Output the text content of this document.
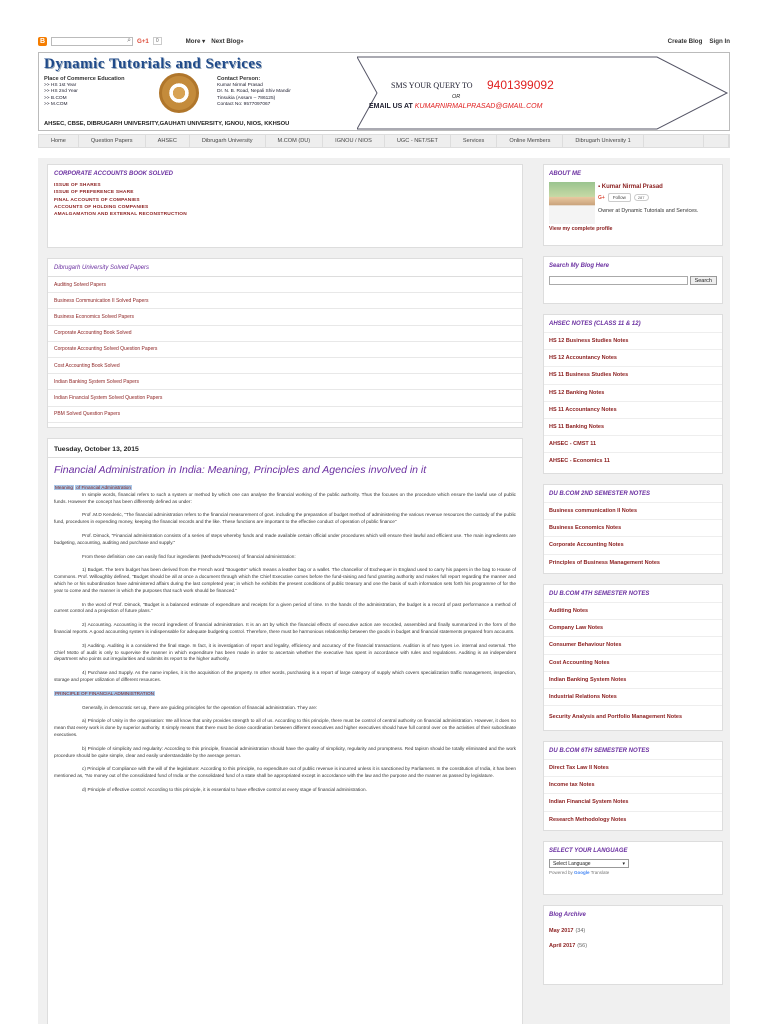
B	⌕ G+1	0	More ▾ Next Blog»	Create Blog Sign In
Dynamic Tutorials and Services
Place of Commerce Education
>> HS 1st Year
>> HS 2nd Year
>> B.COM
>> M.COM
Contact Person:
Kumar Nirmal Prasad
Dr. N. B. Road, Nepali Shiv Mandir
Tinsukia (Assam – 786125)
Contact No: 9577097067
AHSEC, CBSE, DIBRUGARH UNIVERSITY,GAUHATI UNIVERSITY, IGNOU, NIOS, KKHSOU
SMS YOUR QUERY TO 9401399092
OR
EMAIL US AT KUMARNIRMALPRASAD@GMAIL.COM
Home	Question Papers	AHSEC	Dibrugarh University	M.COM (DU)	IGNOU / NIOS	UGC - NET/SET	Services	Online Members	Dibrugarh University 1
CORPORATE ACCOUNTS BOOK SOLVED
ISSUE OF SHARES
ISSUE OF PREFERENCE SHARE
FINAL ACCOUNTS OF COMPANIES
ACCOUNTS OF HOLDING COMPANIES
AMALGAMATION AND EXTERNAL RECONSTRUCTION
Dibrugarh University Solved Papers
Auditing Solved Papers
Business Communication II Solved Papers
Business Economics Solved Papers
Corporate Accounting Book Solved
Corporate Accounting Solved Question Papers
Cost Accounting Book Solved
Indian Banking System Solved Papers
Indian Financial System Solved Question Papers
PBM Solved Question Papers
Tuesday, October 13, 2015
Financial Administration in India: Meaning, Principles and Agencies involved in it
Meaning of Financial Administration
In simple words, financial refers to such a system or method by which one can analyse the financial working of the public authority. Thus the focuses on the procedure which ensure the lawful use of public funds. However the concept has been differently defined as under:
Prof .M.D Kenderic, "The financial administration refers to the financial measurement of govt. including the preparation of budget method of administering the various revenue resources the custody of the public fund, procedures in expending money, keeping the financial records and the like. These functions are important to the effective conduct of operation of public finance"
Prof. Dimock, "Financial administration consists of a series of steps whereby funds and made available certain official under procedures which will ensure their lawful and efficient use. The main ingredients are budgeting, accounting, auditing and purchase and supply."
From these definition one can easily find four ingredients (Methods/Process) of financial administration:
1) Budget. The term budget has been derived from the French word "Bougette" which means a leather bag or a wallet. The chancellor of Exchequer in England used to carry his papers in the bag to House of Commons. Prof. Willoughby defined, "Budget should be all at once a document through which the Chief Executive comes before the fund-raising and fund granting authority and makes full report regarding the manner and which he or his subordination have administered affairs during the last completed year; in which he exhibits the present conditions of public treasury and one the basis of such information sets forth his programme of for the year to come and the manner in which the purposes that such work should be financed."
In the word of Prof. Dimock, "Budget is a balanced estimate of expenditure and receipts for a given period of time. In the hands of the administration, the budget is a record of past performance a method of current control and a projection of future plans."
2) Accounting. Accounting is the record ingredient of financial administration. It is an art by which the financial effects of executive action are recorded, assembled and finally summarized in the form of the financial reports. A good accounting system is indispensable for adequate budgeting control. Therefore, there must be harmonious relationship between the goods in budget and financial statements prepared from accounts.
3) Auditing. Auditing is a considered the final stage. In fact, it is investigation of report and legality, efficiency and accuracy of the financial transactions. Audition is of two types i.e. internal and external. The Chief Motto of audit is only to supervise the manner in which expenditure has been made in order to ascertain whether the executive has spent in accordance with rules and regulations. Auditing is an independent department who points out irregularities and submits its report to the higher authority.
4) Purchase and Supply. As the name implies, it is the acquisition of the property. In other words, purchasing is a report of large category of supply which covers specialization traffic management, inspection, storage and proper utilization of different resources.
PRINCIPLE OF FINANCIAL ADMINISTRATION
Generally, in democratic set up, there are guiding principles for the operation of financial administration. They are:
a) Principle of Unity in the organisation: We all know that unity provides strength to all of us. According to this principle, there must be control of central authority on financial administration. However, it does no mean that every work is done by superior authority. It simply means that there must be close coordination between different executives and higher executives should have full control over on the activities of their subordinate executives.
b) Principle of simplicity and regularity: According to this principle, financial administration should have the quality of simplicity, regularity and promptness. Red tapism should be totally eliminated and the work procedure should be quite simple, clear and easily understandable by the average person.
c) Principle of Compliance with the will of the legislature: According to this principle, no expenditure out of public revenue is incurred unless it is sanctioned by Parliament. In the constitution of India, it has been mentioned as, "No money out of the consolidated fund of India or the consolidated fund of a state shall be appropriated except in accordance with the law and the purpose and the manner as passed by legislature.
d) Principle of effective control: According to this principle, it is essential to have effective control at every stage of financial administration.
ABOUT ME
▪ Kumar Nirmal Prasad
G+	Follow	287
Owner at Dynamic Tutorials and Services.
View my complete profile
Search My Blog Here
Search
AHSEC NOTES (CLASS 11 & 12)
HS 12 Business Studies Notes
HS 12 Accountancy Notes
HS 11 Business Studies Notes
HS 12 Banking Notes
HS 11 Accountancy Notes
HS 11 Banking Notes
AHSEC - CMST 11
AHSEC - Economics 11
DU B.COM 2ND SEMESTER NOTES
Business communication II Notes
Business Economics Notes
Corporate Accounting Notes
Principles of Business Management Notes
DU B.COM 4TH SEMESTER NOTES
Auditing Notes
Company Law Notes
Consumer Behaviour Notes
Cost Accounting Notes
Indian Banking System Notes
Industrial Relations Notes
Security Analysis and Portfolio Management Notes
DU B.COM 6TH SEMESTER NOTES
Direct Tax Law II Notes
Income tax Notes
Indian Financial System Notes
Research Methodology Notes
SELECT YOUR LANGUAGE
Select Language	▾
Powered by Google Translate
Blog Archive
May 2017 (34)
April 2017 (56)
